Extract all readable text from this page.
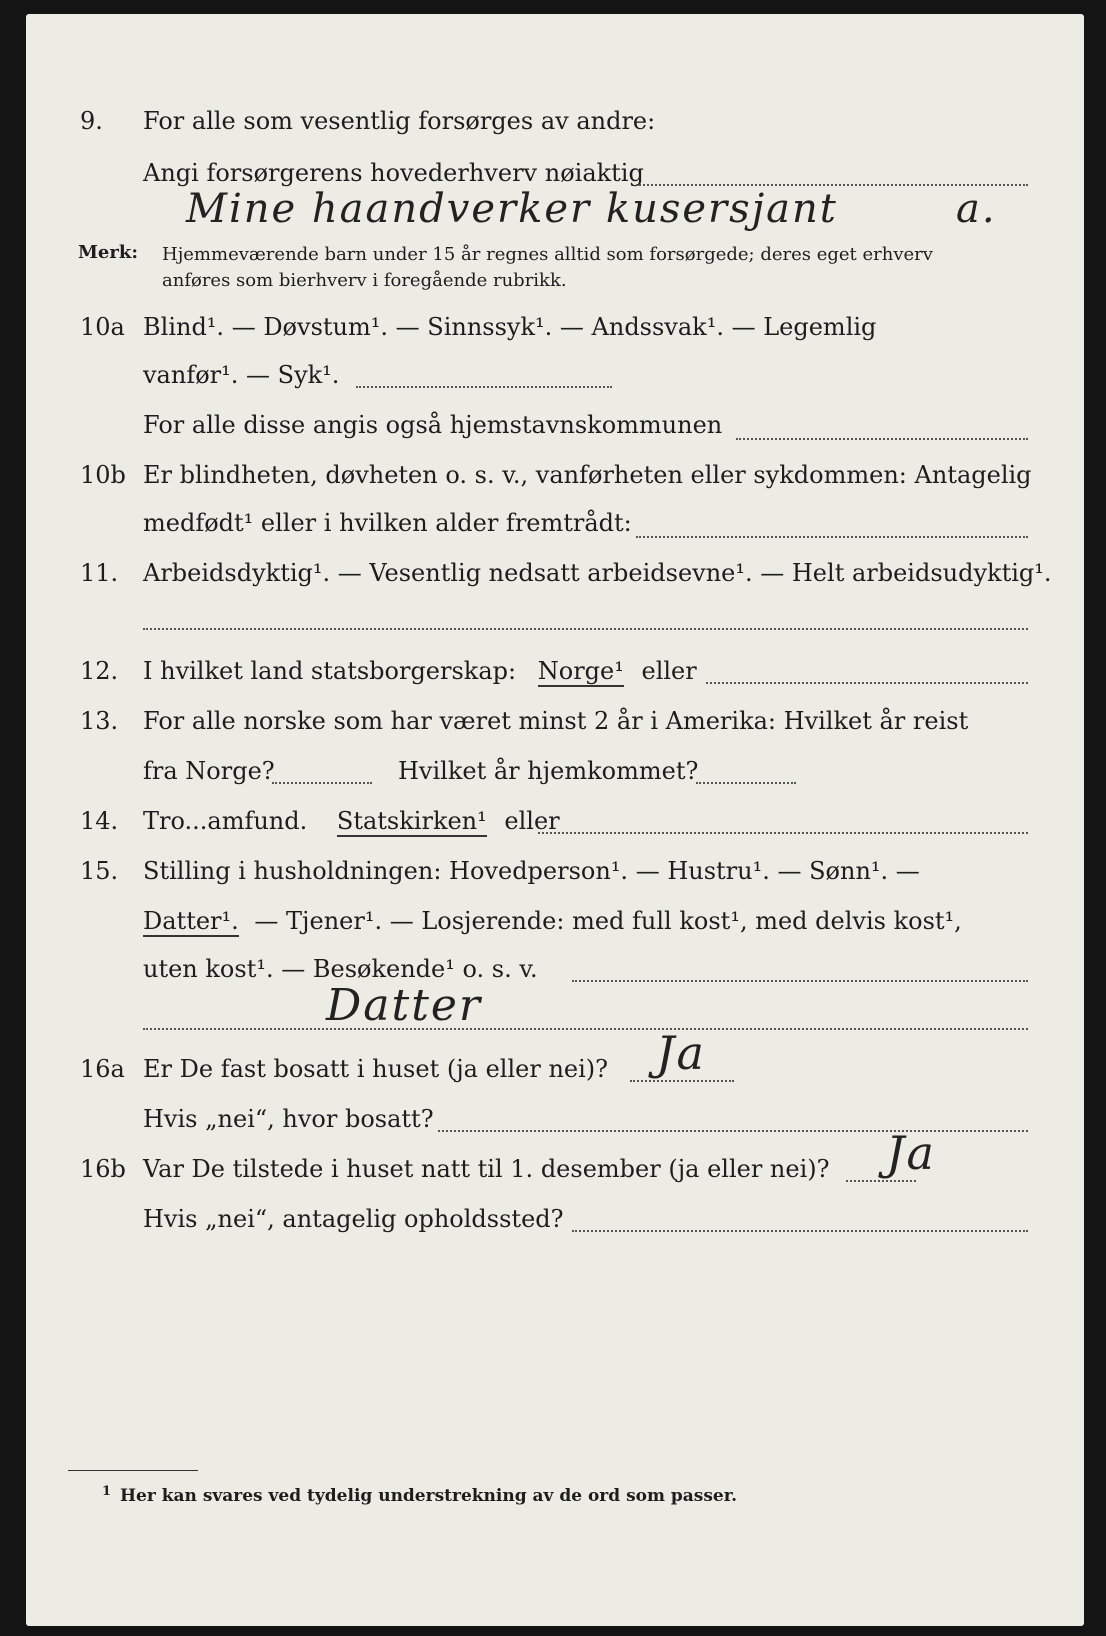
9.	For alle som vesentlig forsørges av andre:
Angi forsørgerens hovederhverv nøiaktig
Mine haandverker kusersjant	a.
Merk: Hjemmeværende barn under 15 år regnes alltid som forsørgede; deres eget erhverv
anføres som bierhverv i foregående rubrikk.
10a Blind¹. — Døvstum¹. — Sinnssyk¹. — Andssvak¹. — Legemlig
vanfør¹. — Syk¹.
For alle disse angis også hjemstavnskommunen
10b Er blindheten, døvheten o. s. v., vanførheten eller sykdommen: Antagelig
medfødt¹ eller i hvilken alder fremtrådt:
11.	Arbeidsdyktig¹. — Vesentlig nedsatt arbeidsevne¹. — Helt arbeidsudyktig¹.
12.	I hvilket land statsborgerskap: Norge¹ eller
13.	For alle norske som har været minst 2 år i Amerika: Hvilket år reist
fra Norge?	Hvilket år hjemkommet?
14.	Tro...amfund. Statskirken¹ eller
15.	Stilling i husholdningen: Hovedperson¹. — Hustru¹. — Sønn¹. —
Datter¹. — Tjener¹. — Losjerende: med full kost¹, med delvis kost¹,
uten kost¹. — Besøkende¹ o. s. v.
Datter
16a Er De fast bosatt i huset (ja eller nei)? Ja
Hvis „nei“, hvor bosatt?
16b Var De tilstede i huset natt til 1. desember (ja eller nei)? Ja
Hvis „nei“, antagelig opholdssted?
1 Her kan svares ved tydelig understrekning av de ord som passer.
